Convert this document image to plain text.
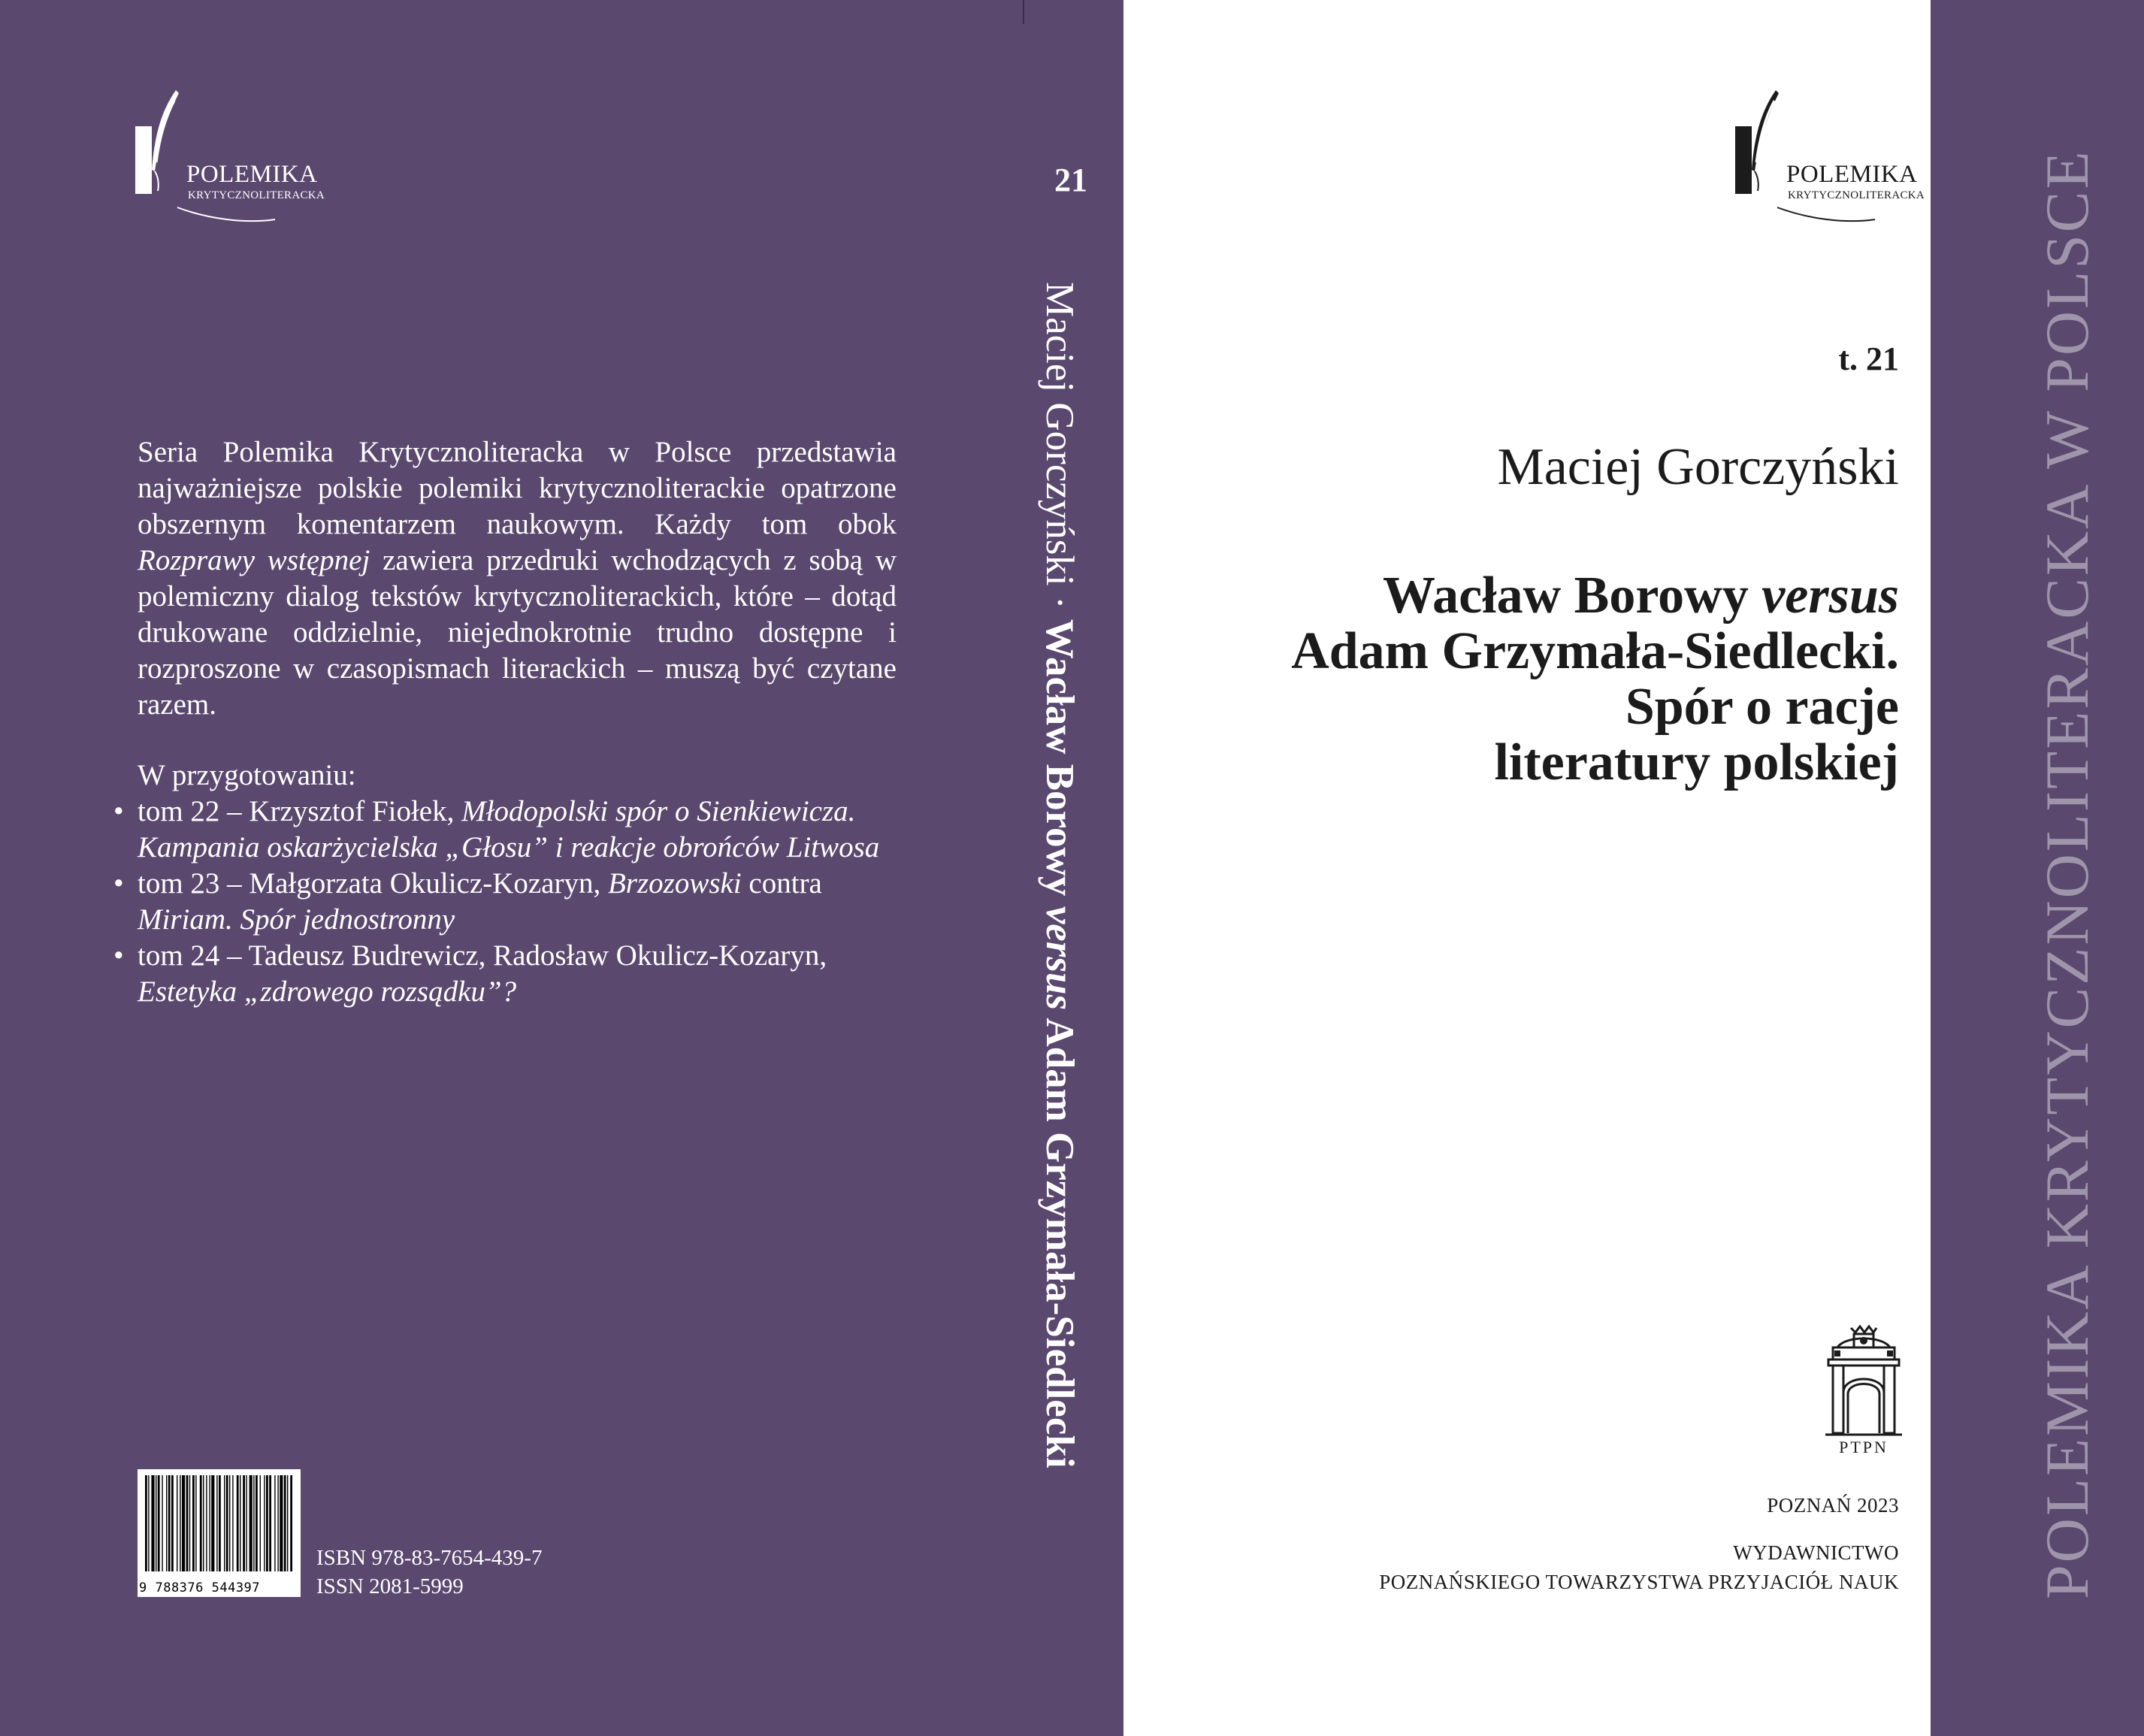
POLEMIKA
KRYTYCZNOLITERACKA

Seria Polemika Krytycznoliteracka w Polsce przedstawia najważniejsze polskie polemiki krytycznoliterackie opatrzone obszernym komentarzem naukowym. Każdy tom obok Rozprawy wstępnej zawiera przedruki wchodzących z sobą w polemiczny dialog tekstów krytycznoliterackich, które – dotąd drukowane oddzielnie, niejednokrotnie trudno dostępne i rozproszone w czasopismach literackich – muszą być czytane razem.

W przygotowaniu:
• tom 22 – Krzysztof Fiołek, Młodopolski spór o Sienkiewicza. Kampania oskarżycielska „Głosu” i reakcje obrońców Litwosa
• tom 23 – Małgorzata Okulicz-Kozaryn, Brzozowski contra Miriam. Spór jednostronny
• tom 24 – Tadeusz Budrewicz, Radosław Okulicz-Kozaryn, Estetyka „zdrowego rozsądku”?
9 788376 544397
ISBN 978-83-7654-439-7
ISSN 2081-5999
21
Maciej Gorczyński · Wacław Borowy versus Adam Grzymała-Siedlecki
POLEMIKA
KRYTYCZNOLITERACKA
t. 21
Maciej Gorczyński
Wacław Borowy versus
Adam Grzymała-Siedlecki.
Spór o racje
literatury polskiej
PTPN
POZNAŃ 2023
WYDAWNICTWO
POZNAŃSKIEGO TOWARZYSTWA PRZYJACIÓŁ NAUK POLEMIKA KRYTYCZNOLITERACKA W POLSCE
